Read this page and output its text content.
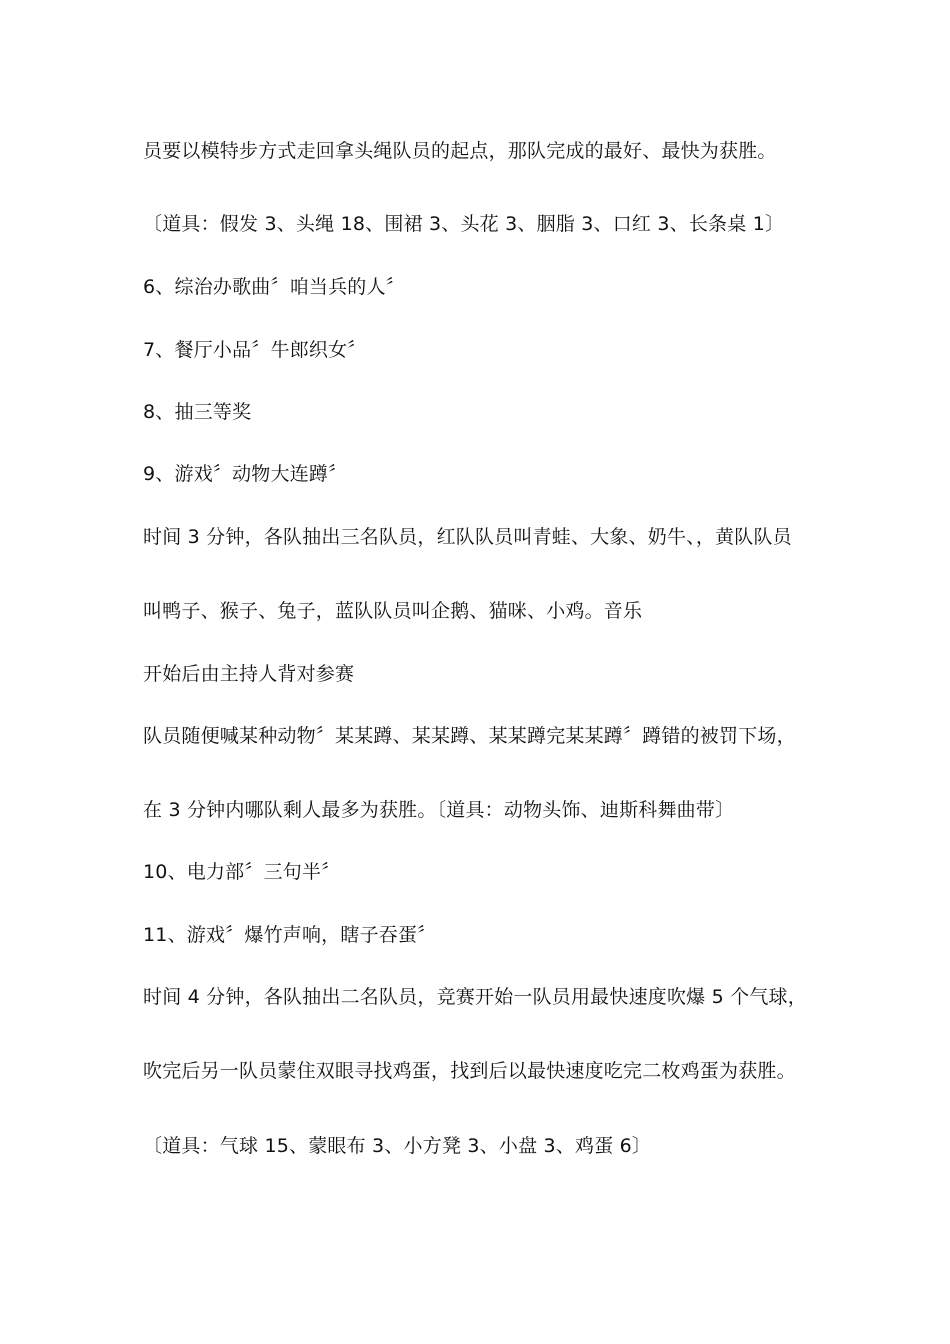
员要以模特步方式走回拿头绳队员的起点，那队完成的最好、最快为获胜。
〔道具：假发 3、头绳 18、围裙 3、头花 3、胭脂 3、口红 3、长条桌 1〕
6、综治办歌曲〞咱当兵的人〞
7、餐厅小品〞牛郎织女〞
8、抽三等奖
9、游戏〞动物大连蹲〞
时间 3 分钟，各队抽出三名队员，红队队员叫青蛙、大象、奶牛、，黄队队员
叫鸭子、猴子、兔子，蓝队队员叫企鹅、猫咪、小鸡。音乐
开始后由主持人背对参赛
队员随便喊某种动物〞某某蹲、某某蹲、某某蹲完某某蹲〞蹲错的被罚下场，
在 3 分钟内哪队剩人最多为获胜。〔道具：动物头饰、迪斯科舞曲带〕
10、电力部〞三句半〞
11、游戏〞爆竹声响，瞎子吞蛋〞
时间 4 分钟，各队抽出二名队员，竞赛开始一队员用最快速度吹爆 5 个气球，
吹完后另一队员蒙住双眼寻找鸡蛋，找到后以最快速度吃完二枚鸡蛋为获胜。
〔道具：气球 15、蒙眼布 3、小方凳 3、小盘 3、鸡蛋 6〕
